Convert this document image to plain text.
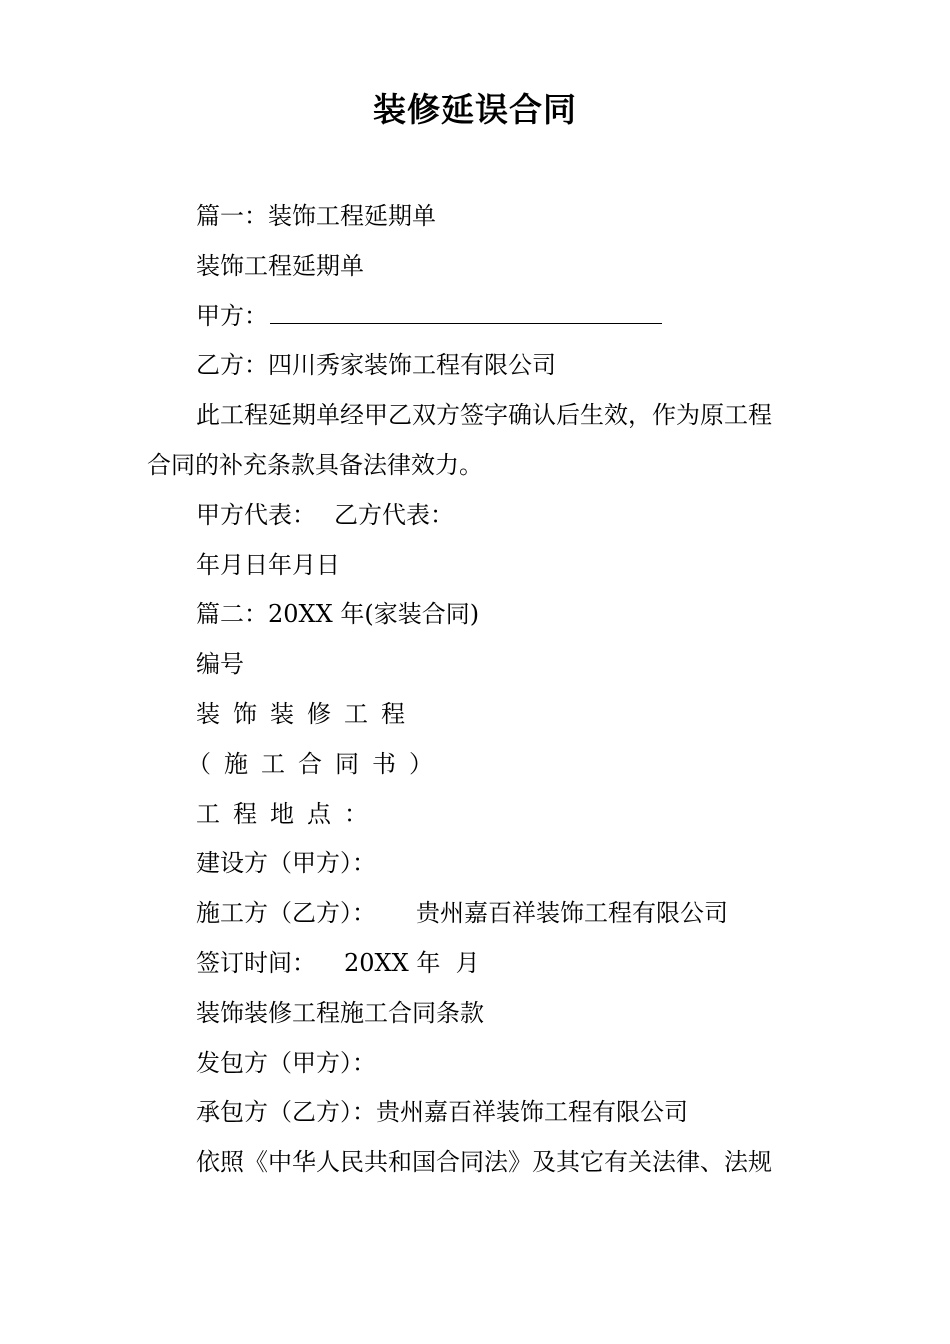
装修延误合同
篇一：装饰工程延期单
装饰工程延期单
甲方：
乙方：四川秀家装饰工程有限公司
此工程延期单经甲乙双方签字确认后生效，作为原工程
合同的补充条款具备法律效力。
甲方代表： 乙方代表：
年月日年月日
篇二：20XX 年(家装合同)
编号
装饰装修工程
（施工合同书）
工程地点：
建设方（甲方）：
施工方（乙方）： 贵州嘉百祥装饰工程有限公司
签订时间： 20XX 年  月
装饰装修工程施工合同条款
发包方（甲方）：
承包方（乙方）：贵州嘉百祥装饰工程有限公司
依照《中华人民共和国合同法》及其它有关法律、法规
